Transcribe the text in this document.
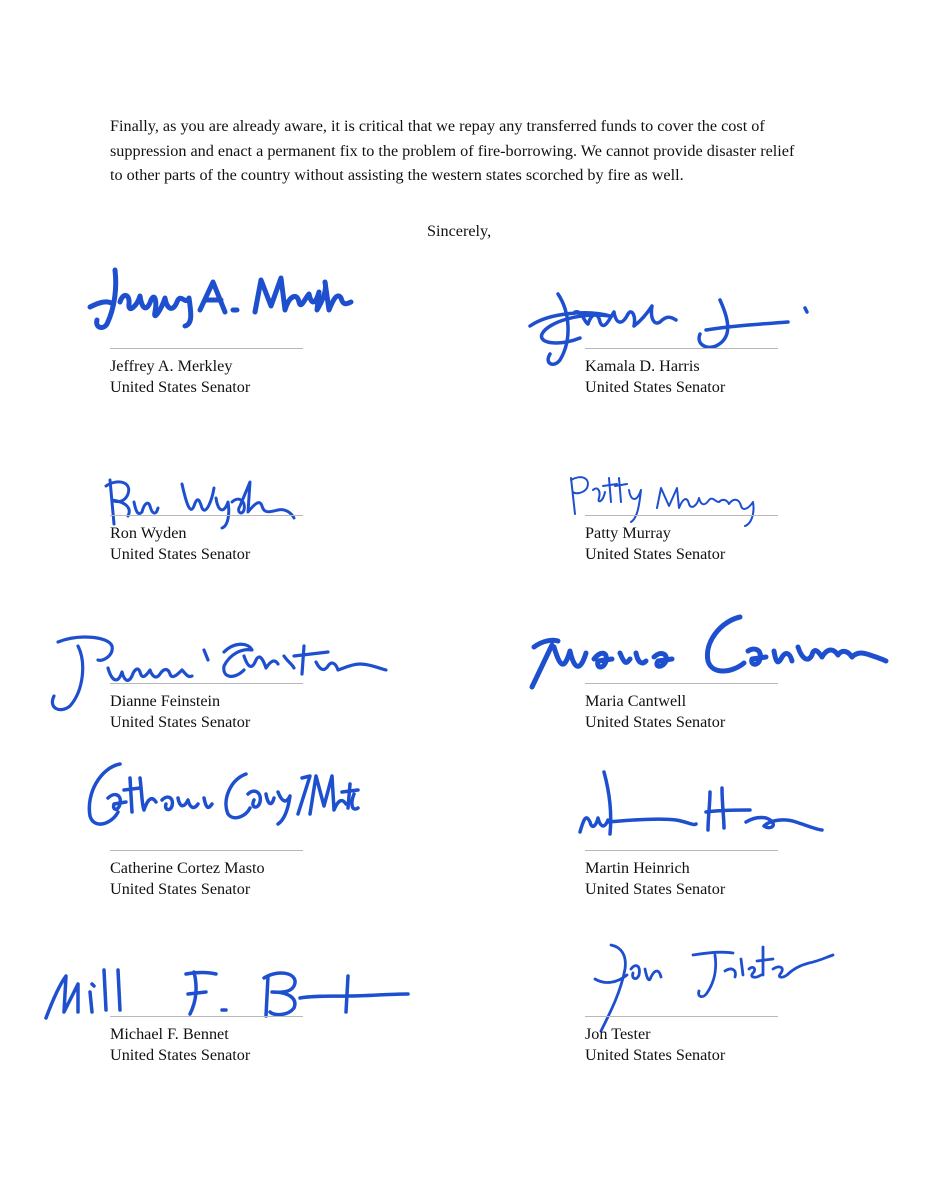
Finally, as you are already aware, it is critical that we repay any transferred funds to cover the cost of suppression and enact a permanent fix to the problem of fire-borrowing. We cannot provide disaster relief to other parts of the country without assisting the western states scorched by fire as well.

Sincerely,

Jeffrey A. Merkley
United States Senator
Kamala D. Harris
United States Senator
Ron Wyden
United States Senator
Patty Murray
United States Senator
Dianne Feinstein
United States Senator
Maria Cantwell
United States Senator
Catherine Cortez Masto
United States Senator
Martin Heinrich
United States Senator
Michael F. Bennet
United States Senator
Jon Tester
United States Senator
